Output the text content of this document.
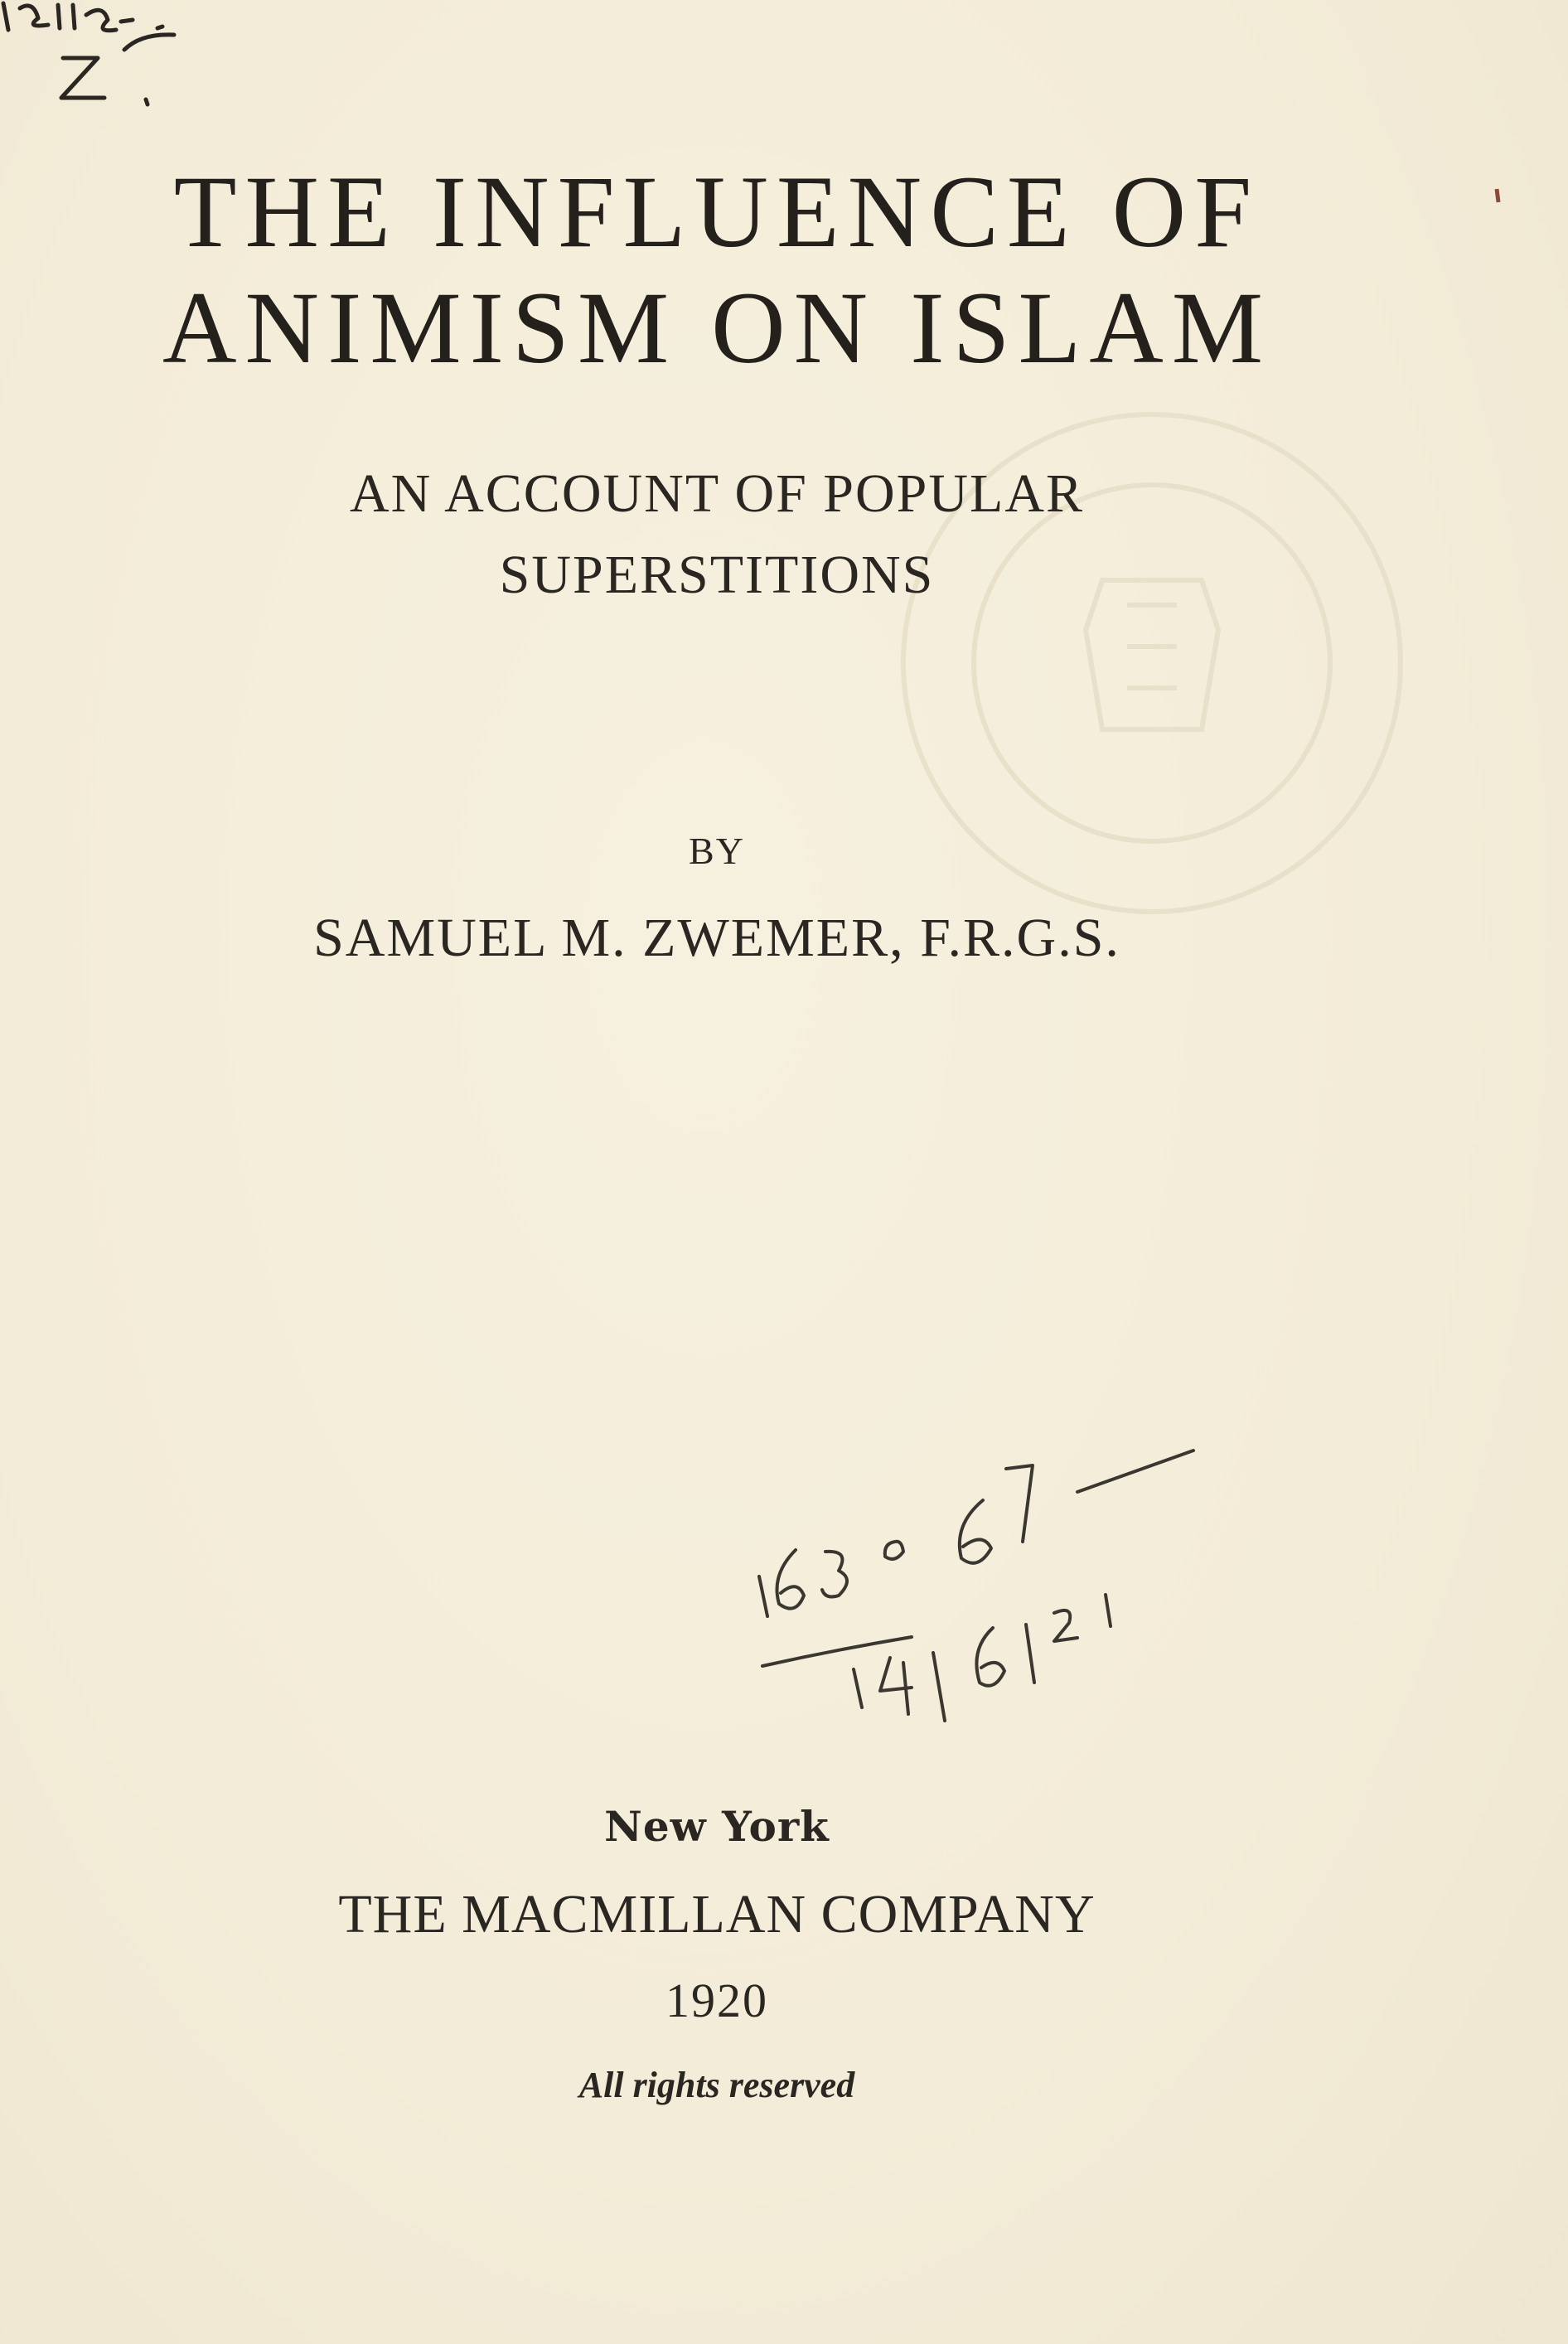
THE INFLUENCE OF
ANIMISM ON ISLAM
AN ACCOUNT OF POPULAR
SUPERSTITIONS
BY
SAMUEL M. ZWEMER, F.R.G.S.
New York
THE MACMILLAN COMPANY
1920
All rights reserved
